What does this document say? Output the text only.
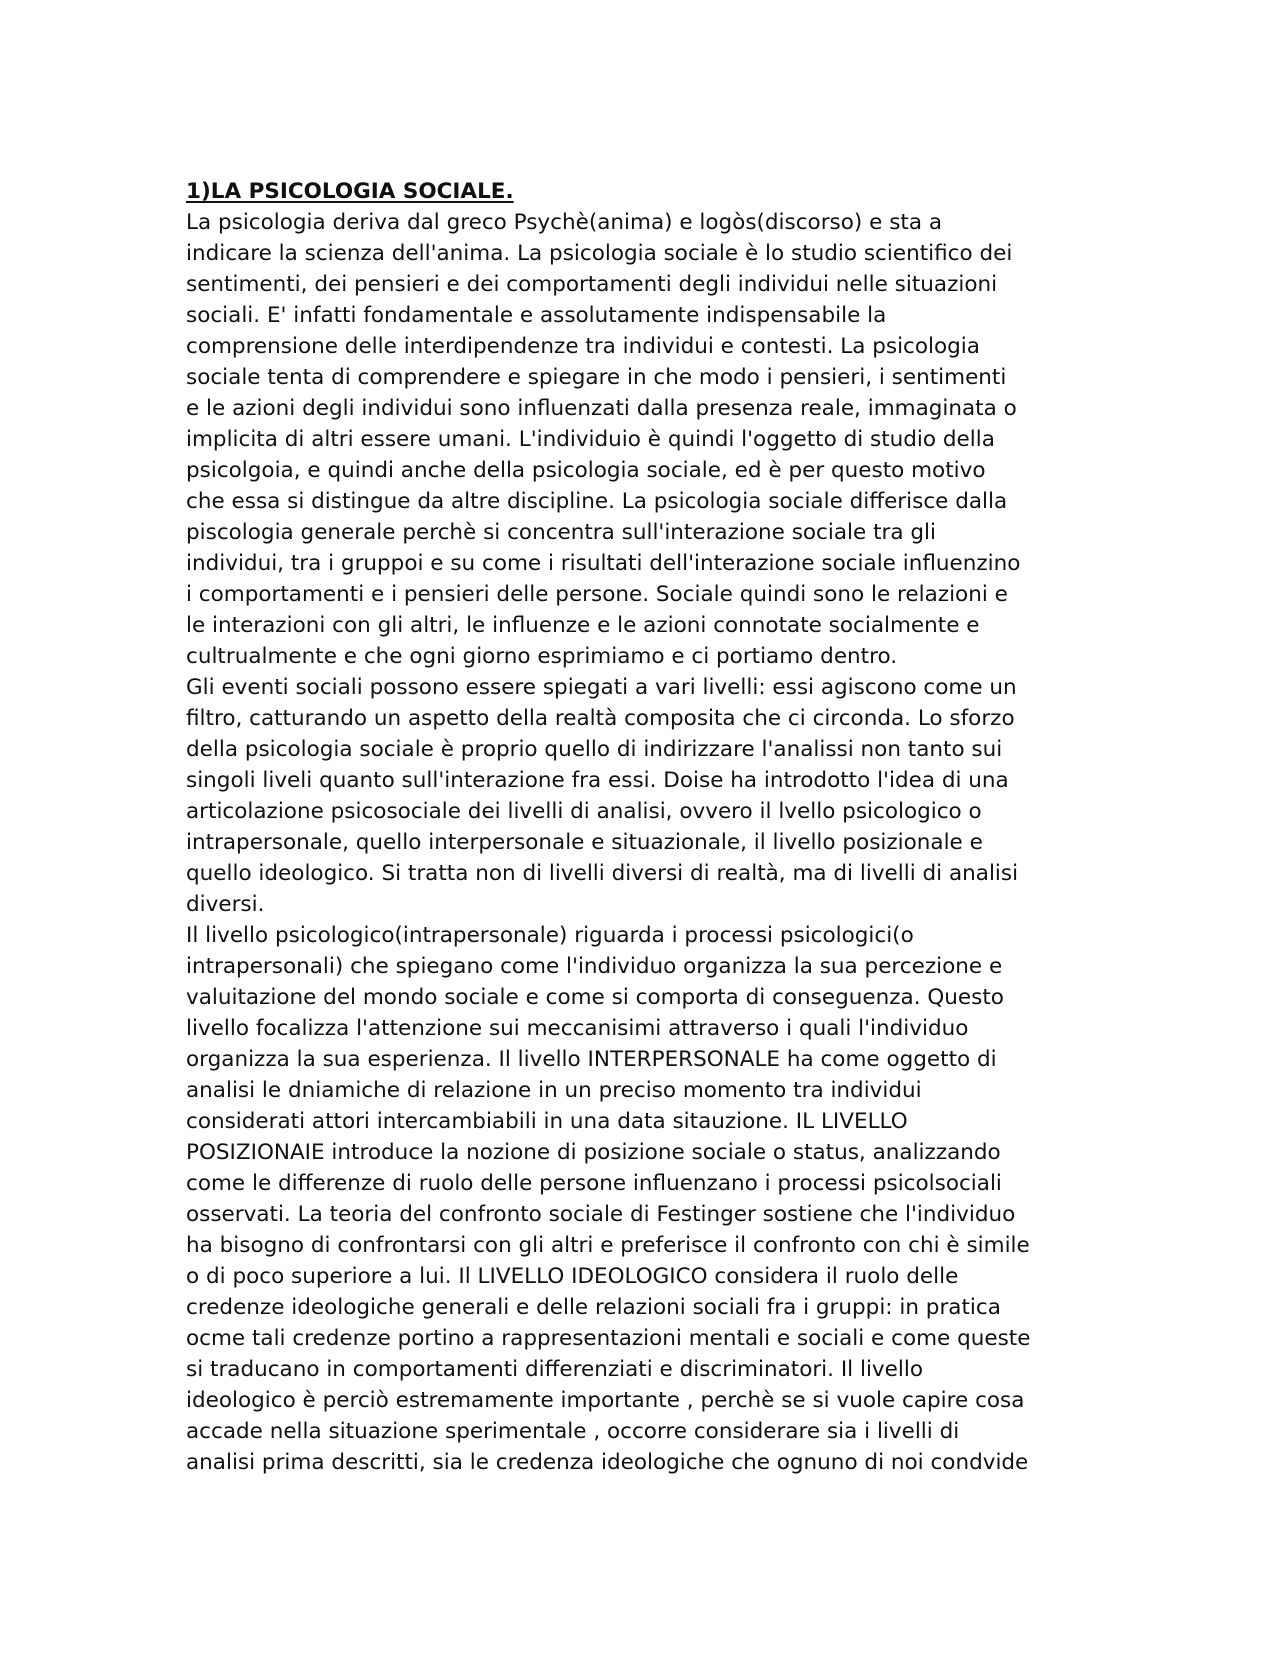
1)LA PSICOLOGIA SOCIALE.
La psicologia deriva dal greco Psychè(anima) e logòs(discorso) e sta a
indicare la scienza dell'anima. La psicologia sociale è lo studio scientifico dei
sentimenti, dei pensieri e dei comportamenti degli individui nelle situazioni
sociali. E' infatti fondamentale e assolutamente indispensabile la
comprensione delle interdipendenze tra individui e contesti. La psicologia
sociale tenta di comprendere e spiegare in che modo i pensieri, i sentimenti
e le azioni degli individui sono influenzati dalla presenza reale, immaginata o
implicita di altri essere umani. L'individuio è quindi l'oggetto di studio della
psicolgoia, e quindi anche della psicologia sociale, ed è per questo motivo
che essa si distingue da altre discipline. La psicologia sociale differisce dalla
piscologia generale perchè si concentra sull'interazione sociale tra gli
individui, tra i gruppoi e su come i risultati dell'interazione sociale influenzino
i comportamenti e i pensieri delle persone. Sociale quindi sono le relazioni e
le interazioni con gli altri, le influenze e le azioni connotate socialmente e
cultrualmente e che ogni giorno esprimiamo e ci portiamo dentro.
Gli eventi sociali possono essere spiegati a vari livelli: essi agiscono come un
filtro, catturando un aspetto della realtà composita che ci circonda. Lo sforzo
della psicologia sociale è proprio quello di indirizzare l'analissi non tanto sui
singoli liveli quanto sull'interazione fra essi. Doise ha introdotto l'idea di una
articolazione psicosociale dei livelli di analisi, ovvero il lvello psicologico o
intrapersonale, quello interpersonale e situazionale, il livello posizionale e
quello ideologico. Si tratta non di livelli diversi di realtà, ma di livelli di analisi
diversi.
Il livello psicologico(intrapersonale) riguarda i processi psicologici(o
intrapersonali) che spiegano come l'individuo organizza la sua percezione e
valuitazione del mondo sociale e come si comporta di conseguenza. Questo
livello focalizza l'attenzione sui meccanisimi attraverso i quali l'individuo
organizza la sua esperienza. Il livello INTERPERSONALE ha come oggetto di
analisi le dniamiche di relazione in un preciso momento tra individui
considerati attori intercambiabili in una data sitauzione. IL LIVELLO
POSIZIONAIE introduce la nozione di posizione sociale o status, analizzando
come le differenze di ruolo delle persone influenzano i processi psicolsociali
osservati. La teoria del confronto sociale di Festinger sostiene che l'individuo
ha bisogno di confrontarsi con gli altri e preferisce il confronto con chi è simile
o di poco superiore a lui. Il LIVELLO IDEOLOGICO considera il ruolo delle
credenze ideologiche generali e delle relazioni sociali fra i gruppi: in pratica
ocme tali credenze portino a rappresentazioni mentali e sociali e come queste
si traducano in comportamenti differenziati e discriminatori. Il livello
ideologico è perciò estremamente importante , perchè se si vuole capire cosa
accade nella situazione sperimentale , occorre considerare sia i livelli di
analisi prima descritti, sia le credenza ideologiche che ognuno di noi condvide
